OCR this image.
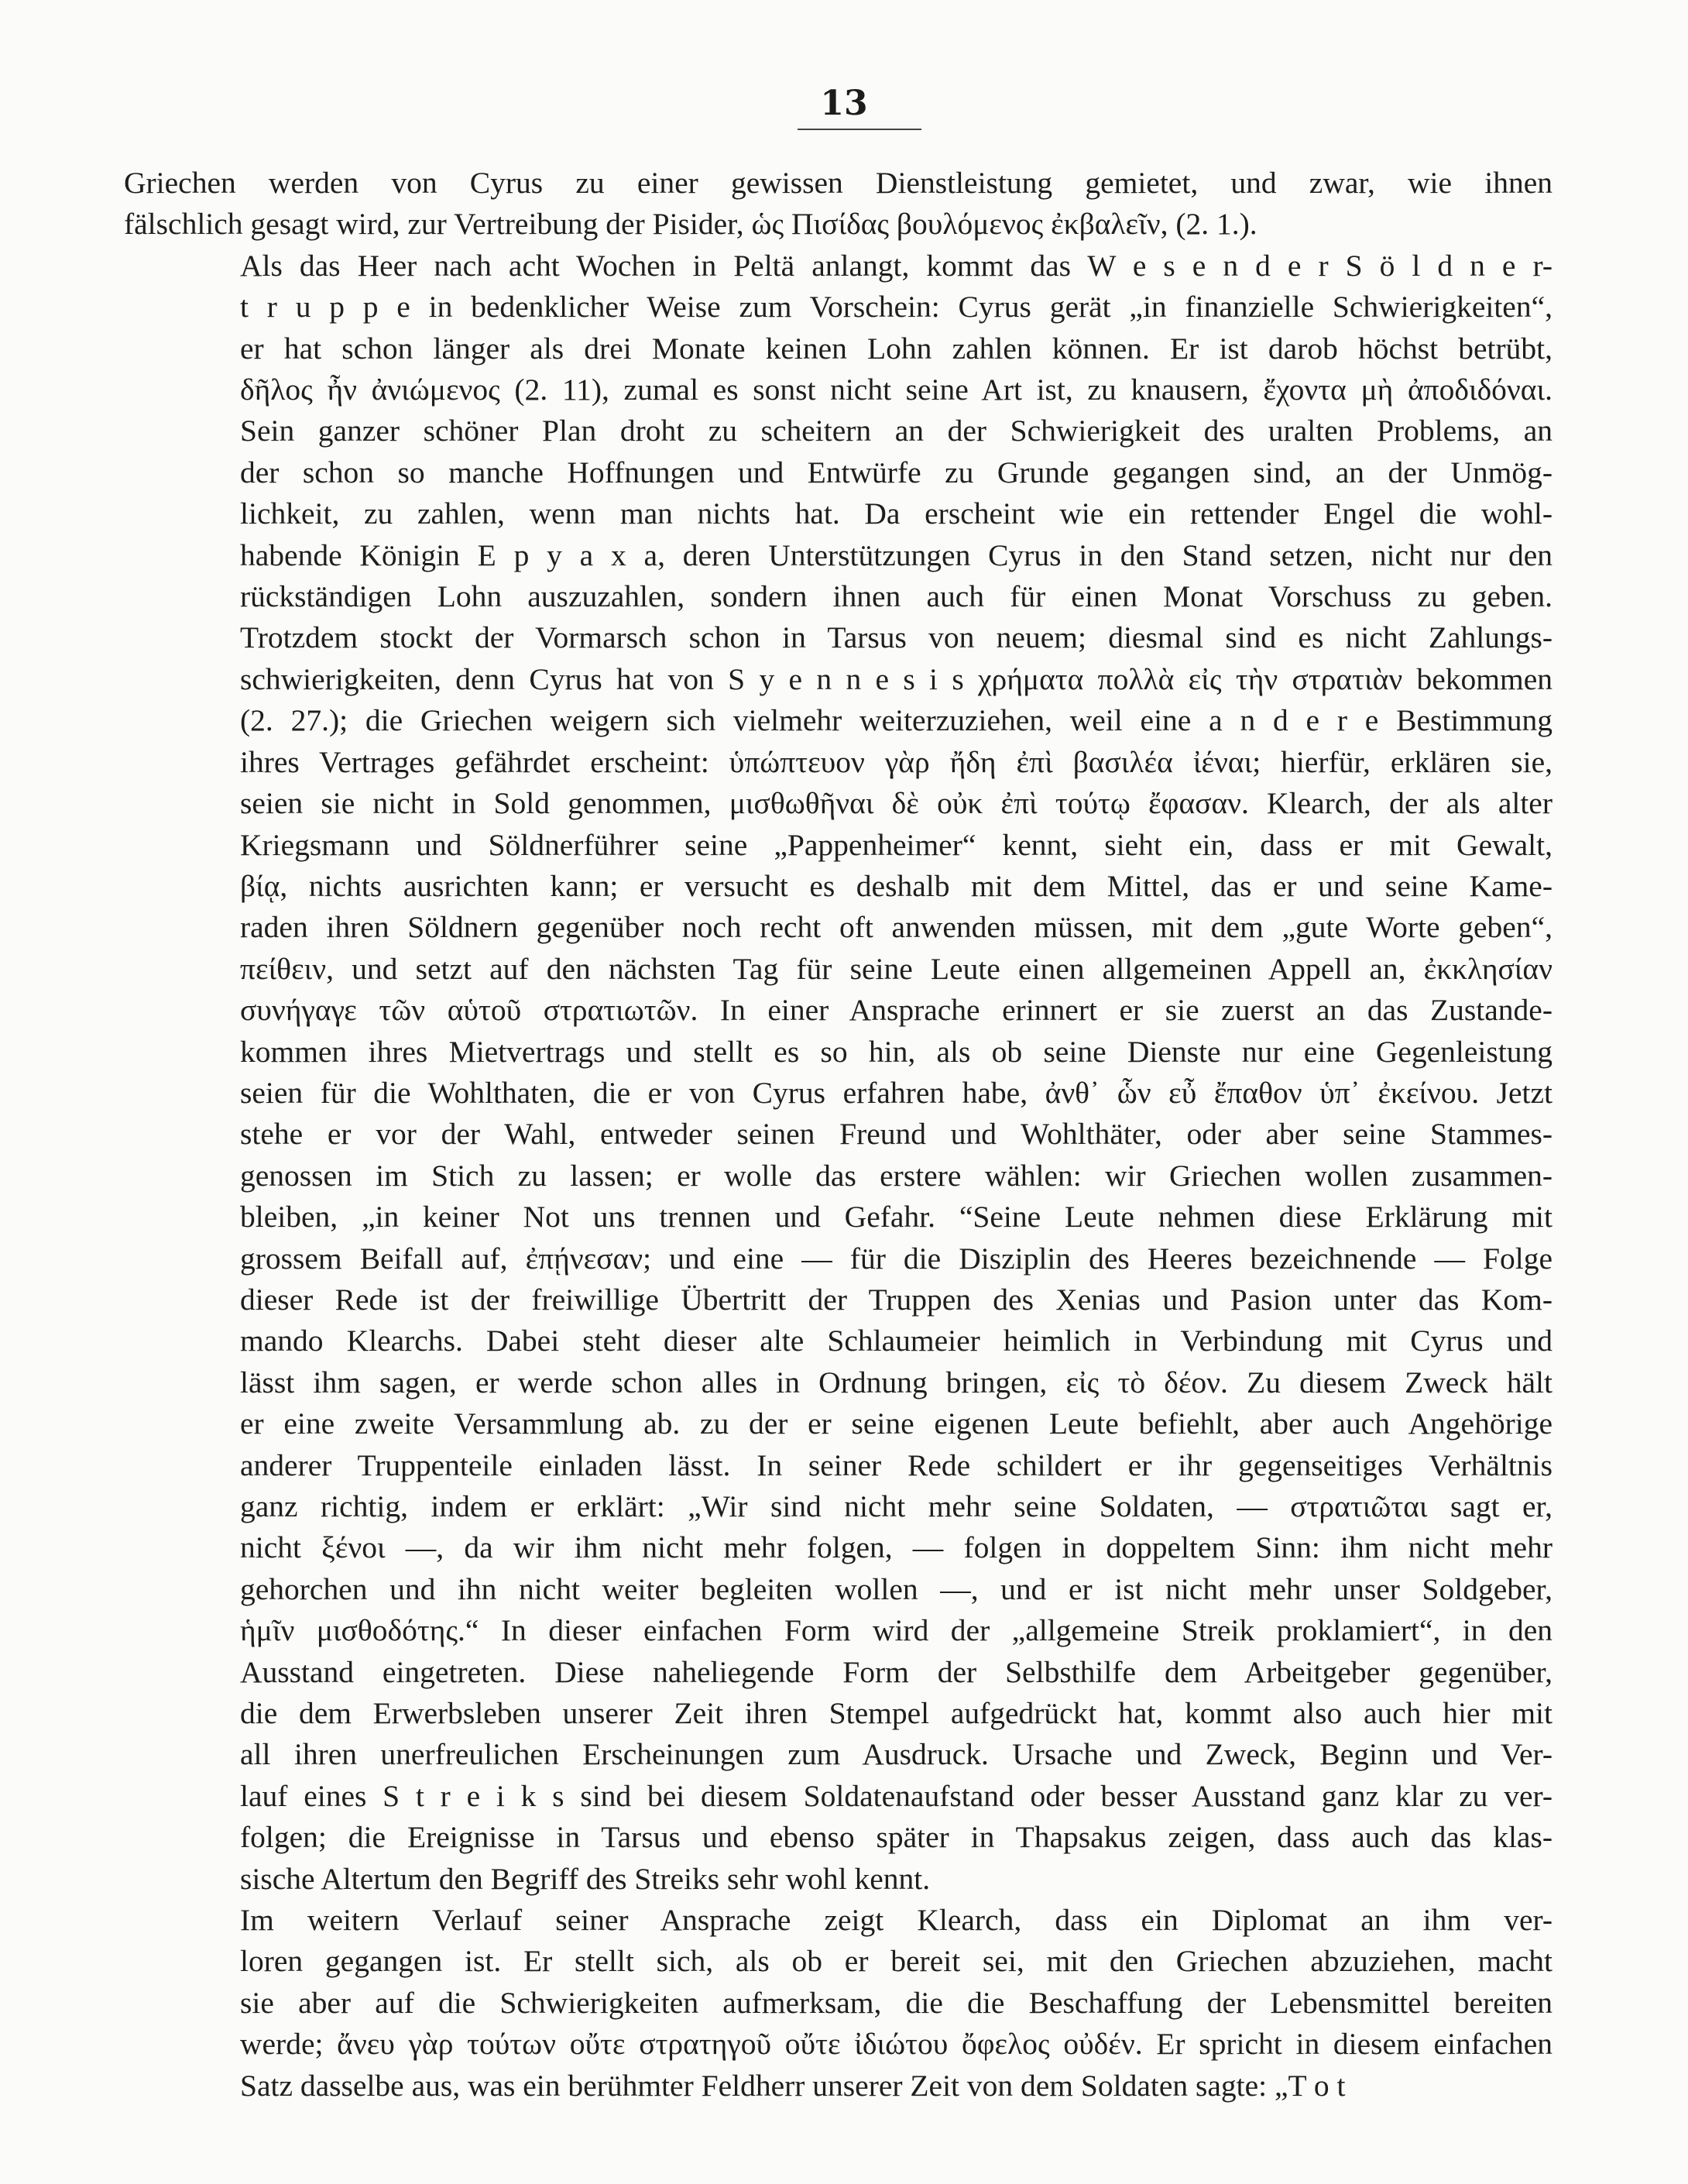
13
Griechen werden von Cyrus zu einer gewissen Dienstleistung gemietet, und zwar, wie ihnen
fälschlich gesagt wird, zur Vertreibung der Pisider, ὡς Πισίδας βουλόμενος ἐκβαλεῖν, (2. 1.).
Als das Heer nach acht Wochen in Peltä anlangt, kommt das W e s e n d e r S ö l d n e r-
t r u p p e in bedenklicher Weise zum Vorschein: Cyrus gerät „in finanzielle Schwierigkeiten“,
er hat schon länger als drei Monate keinen Lohn zahlen können. Er ist darob höchst betrübt,
δῆλος ἦν ἀνιώμενος (2. 11), zumal es sonst nicht seine Art ist, zu knausern, ἔχοντα μὴ ἀποδιδόναι.
Sein ganzer schöner Plan droht zu scheitern an der Schwierigkeit des uralten Problems, an
der schon so manche Hoffnungen und Entwürfe zu Grunde gegangen sind, an der Unmög-
lichkeit, zu zahlen, wenn man nichts hat. Da erscheint wie ein rettender Engel die wohl-
habende Königin E p y a x a, deren Unterstützungen Cyrus in den Stand setzen, nicht nur den
rückständigen Lohn auszuzahlen, sondern ihnen auch für einen Monat Vorschuss zu geben.
Trotzdem stockt der Vormarsch schon in Tarsus von neuem; diesmal sind es nicht Zahlungs-
schwierigkeiten, denn Cyrus hat von S y e n n e s i s χρήματα πολλὰ εἰς τὴν στρατιὰν bekommen
(2. 27.); die Griechen weigern sich vielmehr weiterzuziehen, weil eine a n d e r e Bestimmung
ihres Vertrages gefährdet erscheint: ὑπώπτευον γὰρ ἤδη ἐπὶ βασιλέα ἰέναι; hierfür, erklären sie,
seien sie nicht in Sold genommen, μισθωθῆναι δὲ οὐκ ἐπὶ τούτῳ ἔφασαν. Klearch, der als alter
Kriegsmann und Söldnerführer seine „Pappenheimer“ kennt, sieht ein, dass er mit Gewalt,
βίᾳ, nichts ausrichten kann; er versucht es deshalb mit dem Mittel, das er und seine Kame-
raden ihren Söldnern gegenüber noch recht oft anwenden müssen, mit dem „gute Worte geben“,
πείθειν, und setzt auf den nächsten Tag für seine Leute einen allgemeinen Appell an, ἐκκλησίαν
συνήγαγε τῶν αὑτοῦ στρατιωτῶν. In einer Ansprache erinnert er sie zuerst an das Zustande-
kommen ihres Mietvertrags und stellt es so hin, als ob seine Dienste nur eine Gegenleistung
seien für die Wohlthaten, die er von Cyrus erfahren habe, ἀνθ᾽ ὧν εὖ ἔπαθον ὑπ᾽ ἐκείνου. Jetzt
stehe er vor der Wahl, entweder seinen Freund und Wohlthäter, oder aber seine Stammes-
genossen im Stich zu lassen; er wolle das erstere wählen: wir Griechen wollen zusammen-
bleiben, „in keiner Not uns trennen und Gefahr. “Seine Leute nehmen diese Erklärung mit
grossem Beifall auf, ἐπῄνεσαν; und eine — für die Disziplin des Heeres bezeichnende — Folge
dieser Rede ist der freiwillige Übertritt der Truppen des Xenias und Pasion unter das Kom-
mando Klearchs. Dabei steht dieser alte Schlaumeier heimlich in Verbindung mit Cyrus und
lässt ihm sagen, er werde schon alles in Ordnung bringen, εἰς τὸ δέον. Zu diesem Zweck hält
er eine zweite Versammlung ab. zu der er seine eigenen Leute befiehlt, aber auch Angehörige
anderer Truppenteile einladen lässt. In seiner Rede schildert er ihr gegenseitiges Verhältnis
ganz richtig, indem er erklärt: „Wir sind nicht mehr seine Soldaten, — στρατιῶται sagt er,
nicht ξένοι —, da wir ihm nicht mehr folgen, — folgen in doppeltem Sinn: ihm nicht mehr
gehorchen und ihn nicht weiter begleiten wollen —, und er ist nicht mehr unser Soldgeber,
ἡμῖν μισθοδότης.“ In dieser einfachen Form wird der „allgemeine Streik proklamiert“, in den
Ausstand eingetreten. Diese naheliegende Form der Selbsthilfe dem Arbeitgeber gegenüber,
die dem Erwerbsleben unserer Zeit ihren Stempel aufgedrückt hat, kommt also auch hier mit
all ihren unerfreulichen Erscheinungen zum Ausdruck. Ursache und Zweck, Beginn und Ver-
lauf eines S t r e i k s sind bei diesem Soldatenaufstand oder besser Ausstand ganz klar zu ver-
folgen; die Ereignisse in Tarsus und ebenso später in Thapsakus zeigen, dass auch das klas-
sische Altertum den Begriff des Streiks sehr wohl kennt.
Im weitern Verlauf seiner Ansprache zeigt Klearch, dass ein Diplomat an ihm ver-
loren gegangen ist. Er stellt sich, als ob er bereit sei, mit den Griechen abzuziehen, macht
sie aber auf die Schwierigkeiten aufmerksam, die die Beschaffung der Lebensmittel bereiten
werde; ἄνευ γὰρ τούτων οὔτε στρατηγοῦ οὔτε ἰδιώτου ὄφελος οὐδέν. Er spricht in diesem einfachen
Satz dasselbe aus, was ein berühmter Feldherr unserer Zeit von dem Soldaten sagte: „T o t
